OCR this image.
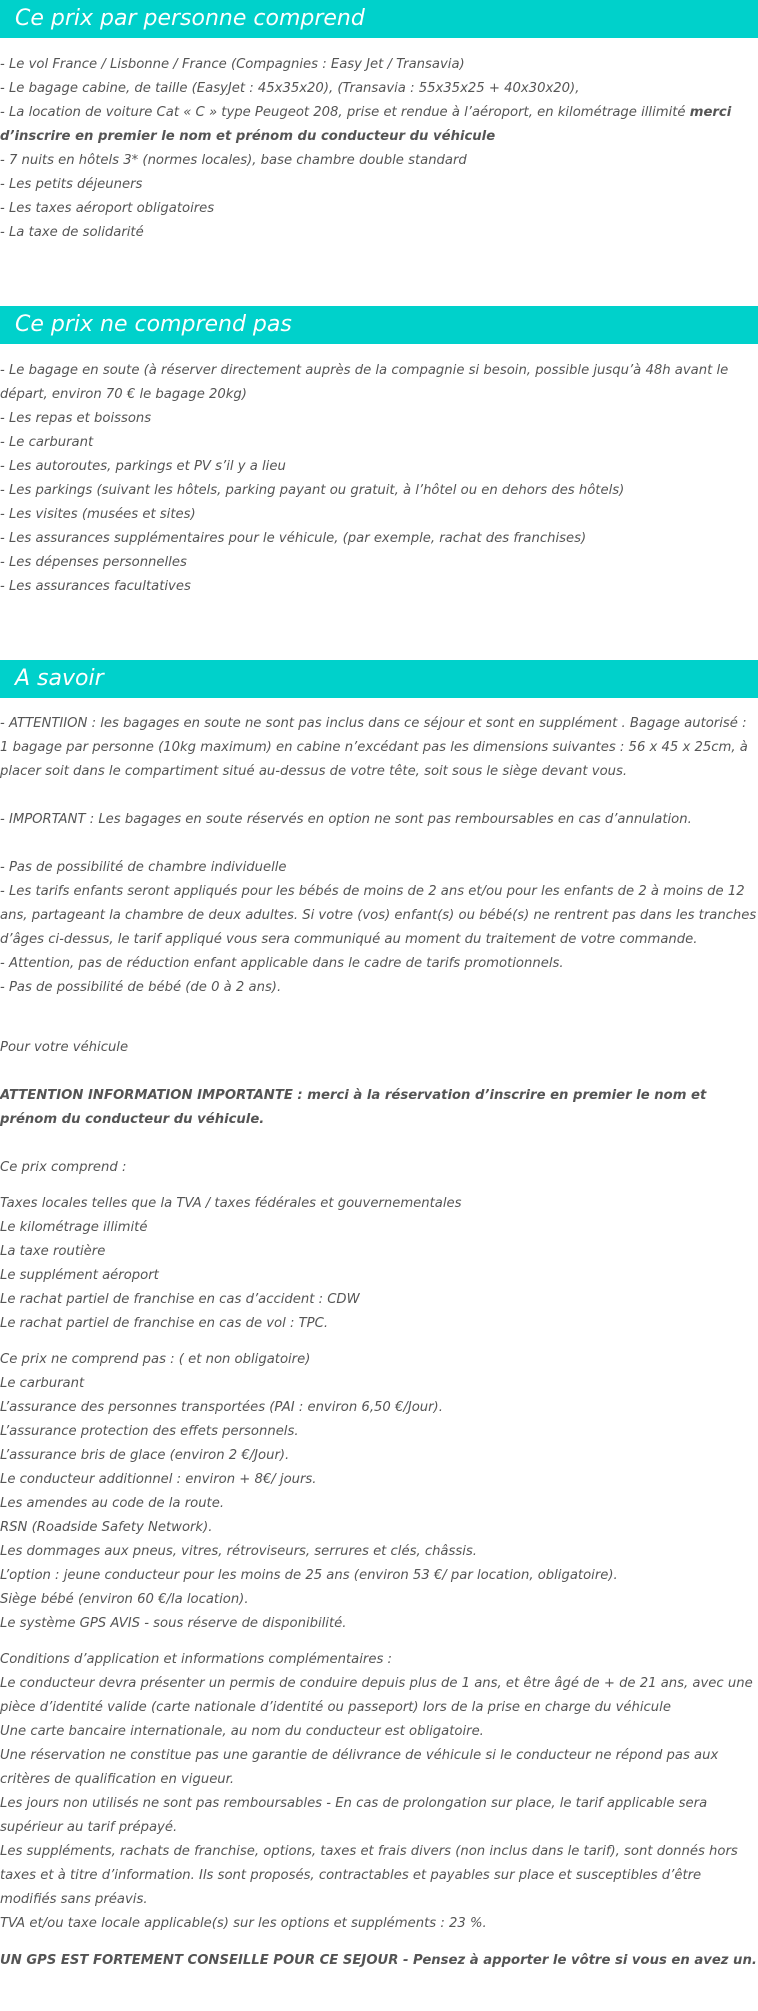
Ce prix par personne comprend
- Le vol France / Lisbonne / France (Compagnies : Easy Jet / Transavia)
- Le bagage cabine, de taille (EasyJet : 45x35x20), (Transavia : 55x35x25 + 40x30x20),
- La location de voiture Cat « C » type Peugeot 208, prise et rendue à l’aéroport, en kilométrage illimité merci d’inscrire en premier le nom et prénom du conducteur du véhicule
- 7 nuits en hôtels 3* (normes locales), base chambre double standard
- Les petits déjeuners
- Les taxes aéroport obligatoires
- La taxe de solidarité
Ce prix ne comprend pas
- Le bagage en soute (à réserver directement auprès de la compagnie si besoin, possible jusqu’à 48h avant le départ, environ 70 € le bagage 20kg)
- Les repas et boissons
- Le carburant
- Les autoroutes, parkings et PV s’il y a lieu
- Les parkings (suivant les hôtels, parking payant ou gratuit, à l’hôtel ou en dehors des hôtels)
- Les visites (musées et sites)
- Les assurances supplémentaires pour le véhicule, (par exemple, rachat des franchises)
- Les dépenses personnelles
- Les assurances facultatives
A savoir

- ATTENTIION : les bagages en soute ne sont pas inclus dans ce séjour et sont en supplément . Bagage autorisé : 1 bagage par personne (10kg maximum) en cabine n’excédant pas les dimensions suivantes : 56 x 45 x 25cm, à placer soit dans le compartiment situé au-dessus de votre tête, soit sous le siège devant vous.

- IMPORTANT : Les bagages en soute réservés en option ne sont pas remboursables en cas d’annulation.

- Pas de possibilité de chambre individuelle
- Les tarifs enfants seront appliqués pour les bébés de moins de 2 ans et/ou pour les enfants de 2 à moins de 12 ans, partageant la chambre de deux adultes. Si votre (vos) enfant(s) ou bébé(s) ne rentrent pas dans les tranches d’âges ci-dessus, le tarif appliqué vous sera communiqué au moment du traitement de votre commande.
- Attention, pas de réduction enfant applicable dans le cadre de tarifs promotionnels.
- Pas de possibilité de bébé (de 0 à 2 ans).

Pour votre véhicule

ATTENTION INFORMATION IMPORTANTE : merci à la réservation d’inscrire en premier le nom et prénom du conducteur du véhicule.

Ce prix comprend :

Taxes locales telles que la TVA / taxes fédérales et gouvernementales
Le kilométrage illimité
La taxe routière
Le supplément aéroport
Le rachat partiel de franchise en cas d’accident : CDW
Le rachat partiel de franchise en cas de vol : TPC.
Ce prix ne comprend pas : ( et non obligatoire)
Le carburant
L’assurance des personnes transportées (PAI : environ 6,50 €/Jour).
L’assurance protection des effets personnels.
L’assurance bris de glace (environ 2 €/Jour).
Le conducteur additionnel : environ + 8€/ jours.
Les amendes au code de la route.
RSN (Roadside Safety Network).
Les dommages aux pneus, vitres, rétroviseurs, serrures et clés, châssis.
L’option : jeune conducteur pour les moins de 25 ans (environ 53 €/ par location, obligatoire).
Siège bébé (environ 60 €/la location).
Le système GPS AVIS - sous réserve de disponibilité.
Conditions d’application et informations complémentaires :
Le conducteur devra présenter un permis de conduire depuis plus de 1 ans, et être âgé de + de 21 ans, avec une pièce d’identité valide (carte nationale d’identité ou passeport) lors de la prise en charge du véhicule
Une carte bancaire internationale, au nom du conducteur est obligatoire.
Une réservation ne constitue pas une garantie de délivrance de véhicule si le conducteur ne répond pas aux critères de qualification en vigueur.
Les jours non utilisés ne sont pas remboursables - En cas de prolongation sur place, le tarif applicable sera supérieur au tarif prépayé.
Les suppléments, rachats de franchise, options, taxes et frais divers (non inclus dans le tarif), sont donnés hors taxes et à titre d’information. Ils sont proposés, contractables et payables sur place et susceptibles d’être modifiés sans préavis.
TVA et/ou taxe locale applicable(s) sur les options et suppléments : 23 %.

UN GPS EST FORTEMENT CONSEILLE POUR CE SEJOUR - Pensez à apporter le vôtre si vous en avez un.
